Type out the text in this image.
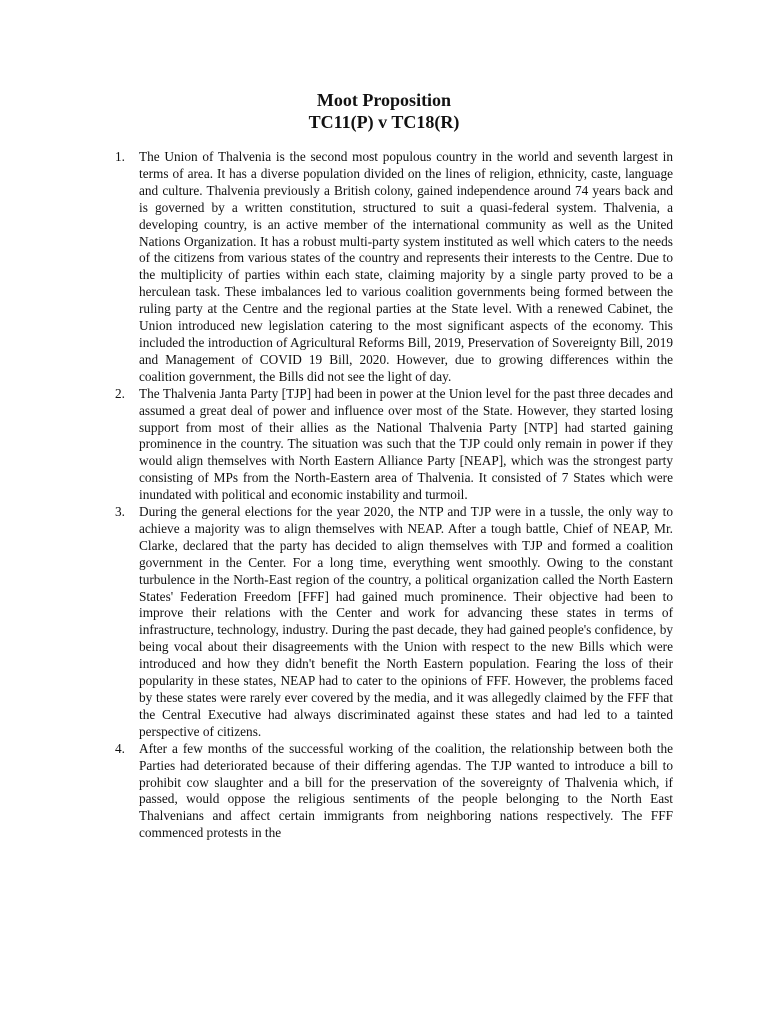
Moot Proposition
TC11(P) v TC18(R)
1. The Union of Thalvenia is the second most populous country in the world and seventh largest in terms of area. It has a diverse population divided on the lines of religion, ethnicity, caste, language and culture. Thalvenia previously a British colony, gained independence around 74 years back and is governed by a written constitution, structured to suit a quasi-federal system. Thalvenia, a developing country, is an active member of the international community as well as the United Nations Organization. It has a robust multi-party system instituted as well which caters to the needs of the citizens from various states of the country and represents their interests to the Centre. Due to the multiplicity of parties within each state, claiming majority by a single party proved to be a herculean task. These imbalances led to various coalition governments being formed between the ruling party at the Centre and the regional parties at the State level. With a renewed Cabinet, the Union introduced new legislation catering to the most significant aspects of the economy. This included the introduction of Agricultural Reforms Bill, 2019, Preservation of Sovereignty Bill, 2019 and Management of COVID 19 Bill, 2020. However, due to growing differences within the coalition government, the Bills did not see the light of day.
2. The Thalvenia Janta Party [TJP] had been in power at the Union level for the past three decades and assumed a great deal of power and influence over most of the State. However, they started losing support from most of their allies as the National Thalvenia Party [NTP] had started gaining prominence in the country. The situation was such that the TJP could only remain in power if they would align themselves with North Eastern Alliance Party [NEAP], which was the strongest party consisting of MPs from the North-Eastern area of Thalvenia. It consisted of 7 States which were inundated with political and economic instability and turmoil.
3. During the general elections for the year 2020, the NTP and TJP were in a tussle, the only way to achieve a majority was to align themselves with NEAP. After a tough battle, Chief of NEAP, Mr. Clarke, declared that the party has decided to align themselves with TJP and formed a coalition government in the Center. For a long time, everything went smoothly. Owing to the constant turbulence in the North-East region of the country, a political organization called the North Eastern States' Federation Freedom [FFF] had gained much prominence. Their objective had been to improve their relations with the Center and work for advancing these states in terms of infrastructure, technology, industry. During the past decade, they had gained people's confidence, by being vocal about their disagreements with the Union with respect to the new Bills which were introduced and how they didn't benefit the North Eastern population. Fearing the loss of their popularity in these states, NEAP had to cater to the opinions of FFF. However, the problems faced by these states were rarely ever covered by the media, and it was allegedly claimed by the FFF that the Central Executive had always discriminated against these states and had led to a tainted perspective of citizens.
4. After a few months of the successful working of the coalition, the relationship between both the Parties had deteriorated because of their differing agendas. The TJP wanted to introduce a bill to prohibit cow slaughter and a bill for the preservation of the sovereignty of Thalvenia which, if passed, would oppose the religious sentiments of the people belonging to the North East Thalvenians and affect certain immigrants from neighboring nations respectively. The FFF commenced protests in the
